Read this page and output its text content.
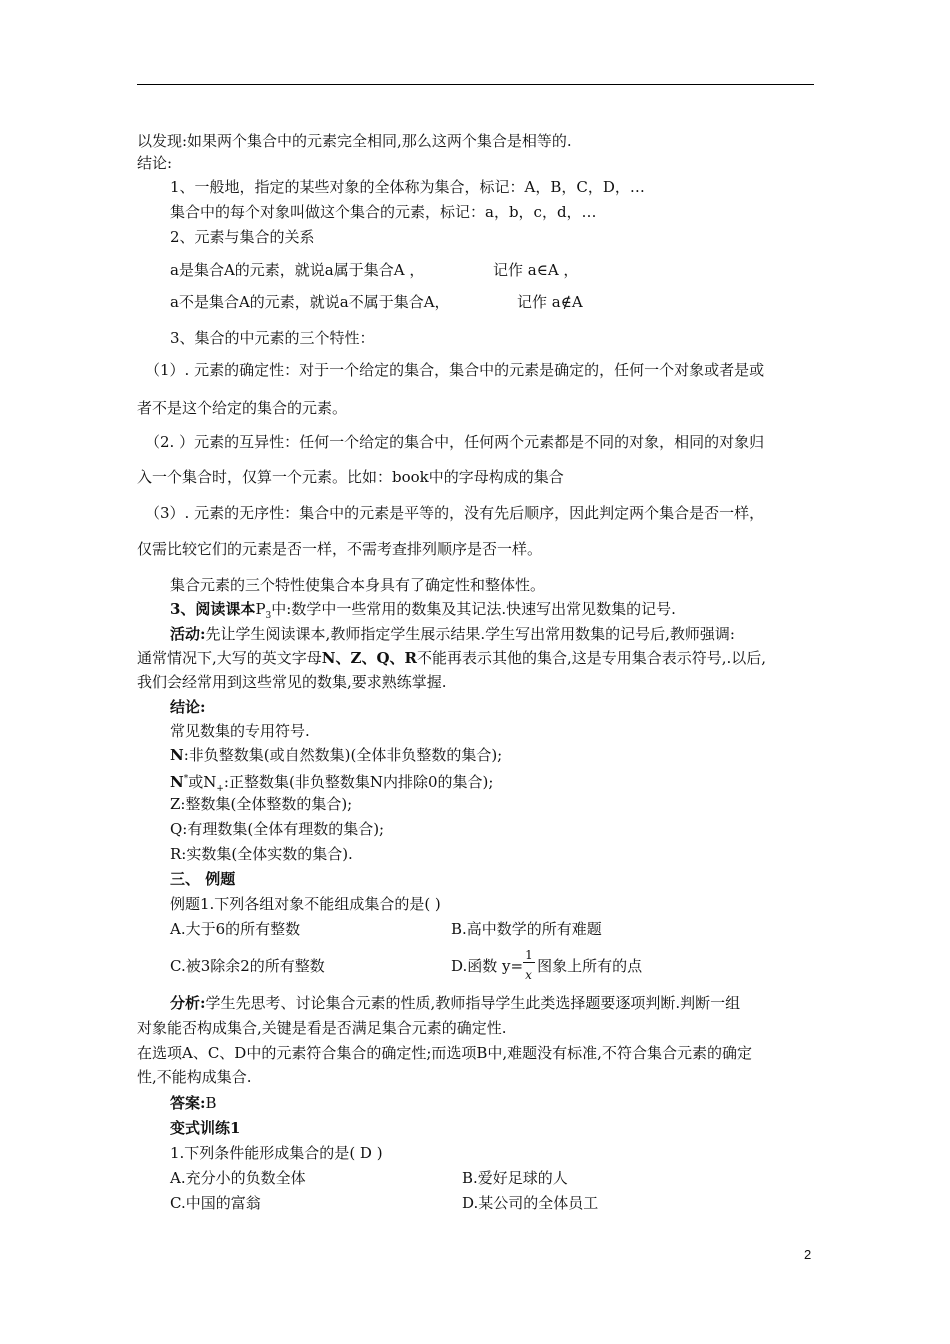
以发现:如果两个集合中的元素完全相同,那么这两个集合是相等的.
结论:
1、一般地，指定的某些对象的全体称为集合，标记：A，B，C，D，…
集合中的每个对象叫做这个集合的元素，标记：a，b，c，d，…
2、元素与集合的关系
a是集合A的元素，就说a属于集合A ，	记作 a∈A ，
a不是集合A的元素，就说a不属于集合A，	记作 a∉A
3、集合的中元素的三个特性：
（1）. 元素的确定性：对于一个给定的集合，集合中的元素是确定的，任何一个对象或者是或
者不是这个给定的集合的元素。
（2. ）元素的互异性：任何一个给定的集合中，任何两个元素都是不同的对象，相同的对象归
入一个集合时，仅算一个元素。比如：book中的字母构成的集合
（3）. 元素的无序性：集合中的元素是平等的，没有先后顺序，因此判定两个集合是否一样，
仅需比较它们的元素是否一样，不需考查排列顺序是否一样。
集合元素的三个特性使集合本身具有了确定性和整体性。
3、阅读课本$P_3$中:数学中一些常用的数集及其记法.快速写出常见数集的记号.
活动:先让学生阅读课本,教师指定学生展示结果.学生写出常用数集的记号后,教师强调:
通常情况下,大写的英文字母N、Z、Q、R不能再表示其他的集合,这是专用集合表示符号,.以后,
我们会经常用到这些常见的数集,要求熟练掌握.
结论:
常见数集的专用符号.
N:非负整数集(或自然数集)(全体非负整数的集合);
N*或$N_+$:正整数集(非负整数集N内排除0的集合);
Z:整数集(全体整数的集合);
Q:有理数集(全体有理数的集合);
R:实数集(全体实数的集合).
三、 例题
例题1.下列各组对象不能组成集合的是( )
A.大于6的所有整数	B.高中数学的所有难题
C.被3除余2的所有整数	D.函数 $y= \frac{1}{x}$ 图象上所有的点
分析:学生先思考、讨论集合元素的性质,教师指导学生此类选择题要逐项判断.判断一组
对象能否构成集合,关键是看是否满足集合元素的确定性.
在选项A、C、D中的元素符合集合的确定性;而选项B中,难题没有标准,不符合集合元素的确定
性,不能构成集合.
答案:B
变式训练1
1.下列条件能形成集合的是( D )
A.充分小的负数全体	B.爱好足球的人
C.中国的富翁	D.某公司的全体员工
2
